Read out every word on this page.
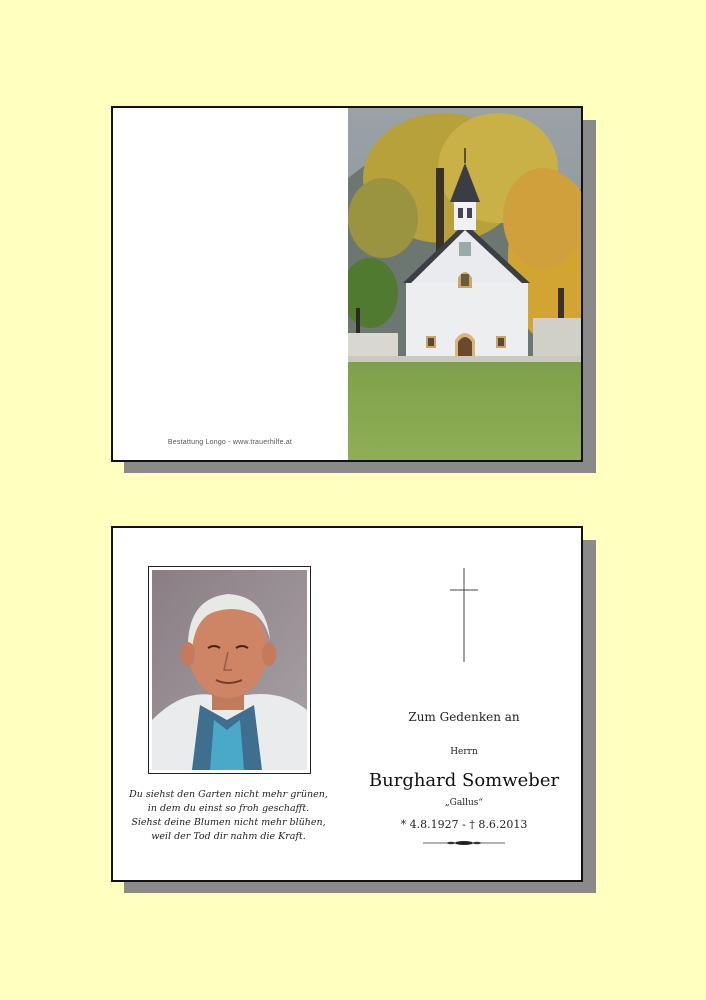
Bestattung Longo - www.trauerhilfe.at
Du siehst den Garten nicht mehr grünen,
in dem du einst so froh geschafft.
Siehst deine Blumen nicht mehr blühen,
weil der Tod dir nahm die Kraft.
Zum Gedenken an
Herrn
Burghard Somweber
„Gallus“
* 4.8.1927 - † 8.6.2013
